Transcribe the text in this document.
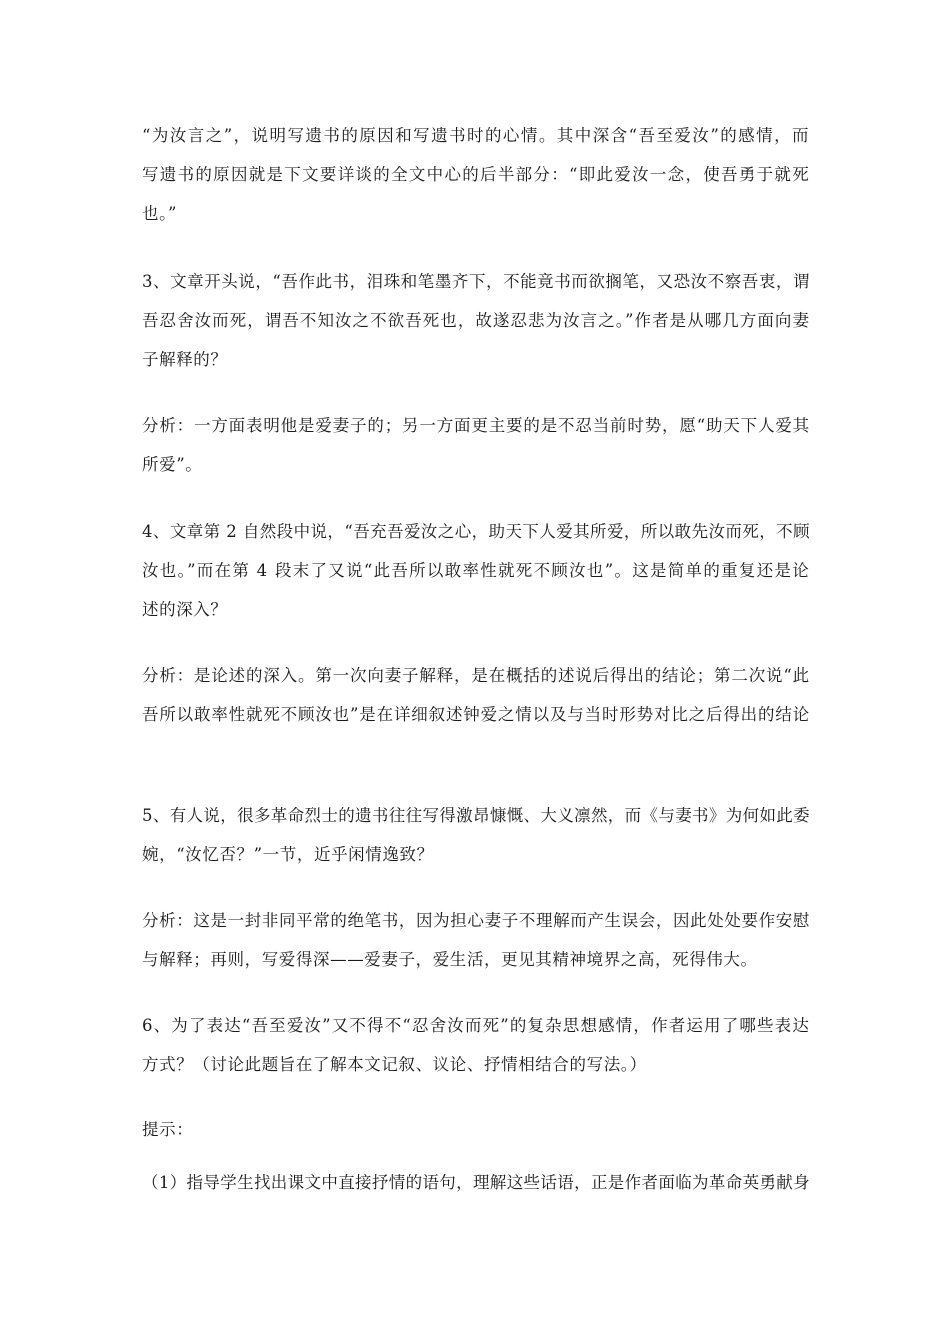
“为汝言之”，说明写遗书的原因和写遗书时的心情。其中深含“吾至爱汝”的感情，而
写遗书的原因就是下文要详谈的全文中心的后半部分：“即此爱汝一念，使吾勇于就死
也。”
3、文章开头说，“吾作此书，泪珠和笔墨齐下，不能竟书而欲搁笔，又恐汝不察吾衷，谓
吾忍舍汝而死，谓吾不知汝之不欲吾死也，故遂忍悲为汝言之。”作者是从哪几方面向妻
子解释的？
分析：一方面表明他是爱妻子的；另一方面更主要的是不忍当前时势，愿“助天下人爱其
所爱”。
4、文章第 2 自然段中说，“吾充吾爱汝之心，助天下人爱其所爱，所以敢先汝而死，不顾
汝也。”而在第 4 段末了又说“此吾所以敢率性就死不顾汝也”。这是简单的重复还是论
述的深入？
分析：是论述的深入。第一次向妻子解释，是在概括的述说后得出的结论；第二次说“此
吾所以敢率性就死不顾汝也”是在详细叙述钟爱之情以及与当时形势对比之后得出的结论
5、有人说，很多革命烈士的遗书往往写得激昂慷慨、大义凛然，而《与妻书》为何如此委
婉，“汝忆否？”一节，近乎闲情逸致？
分析：这是一封非同平常的绝笔书，因为担心妻子不理解而产生误会，因此处处要作安慰
与解释；再则，写爱得深——爱妻子，爱生活，更见其精神境界之高，死得伟大。
6、为了表达“吾至爱汝”又不得不“忍舍汝而死”的复杂思想感情，作者运用了哪些表达
方式？（讨论此题旨在了解本文记叙、议论、抒情相结合的写法。）
提示：
（1）指导学生找出课文中直接抒情的语句，理解这些话语，正是作者面临为革命英勇献身
